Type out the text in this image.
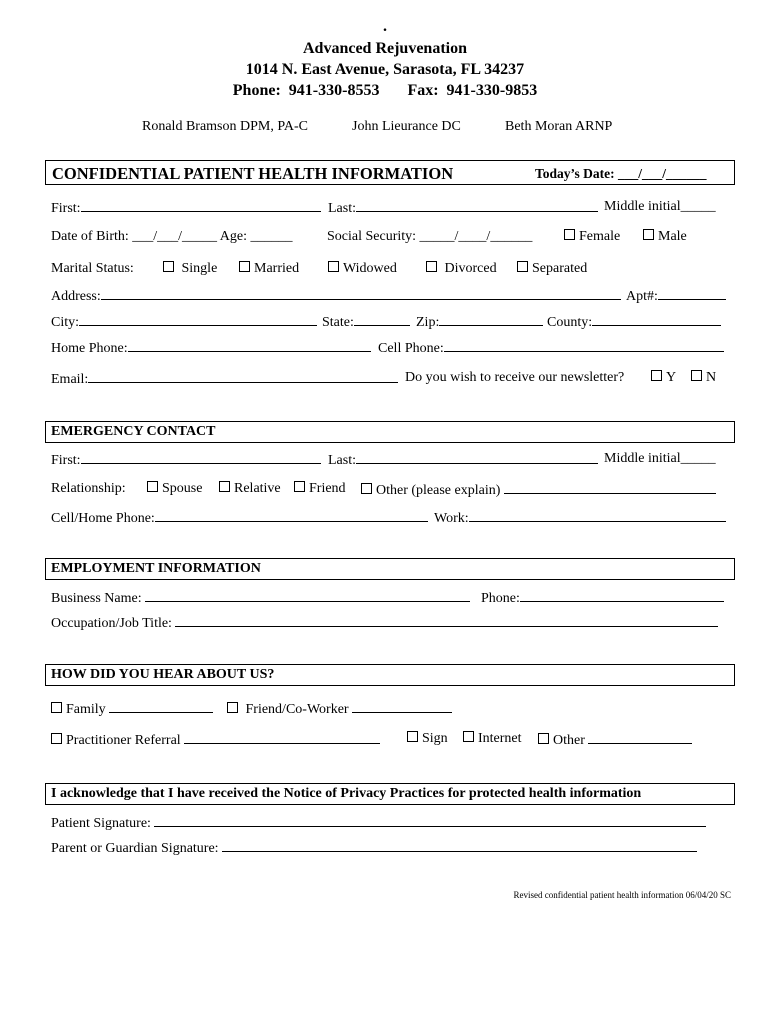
.
Advanced Rejuvenation
1014 N. East Avenue, Sarasota, FL 34237
Phone:  941-330-8553       Fax:  941-330-9853
Ronald Bramson DPM, PA-C	John Lieurance DC	Beth Moran ARNP
CONFIDENTIAL PATIENT HEALTH INFORMATION	Today’s Date: ___/___/______
First:	Last:	Middle initial_____
Date of Birth: ___/___/_____ Age: ______ Social Security: _____/____/______	Female	Male
Marital Status:	Single	Married	Widowed	Divorced	Separated
Address:	Apt#:
City:	State:	Zip:	County:
Home Phone:	Cell Phone:
Email:	Do you wish to receive our newsletter?	Y	N
EMERGENCY CONTACT
First:	Last:	Middle initial_____
Relationship:	Spouse	Relative	Friend	Other (please explain)
Cell/Home Phone:	Work:
EMPLOYMENT INFORMATION
Business Name:	Phone:
Occupation/Job Title:
HOW DID YOU HEAR ABOUT US?
Family	Friend/Co-Worker
Practitioner Referral	Sign	Internet	Other
I acknowledge that I have received the Notice of Privacy Practices for protected health information
Patient Signature:
Parent or Guardian Signature:
Revised confidential patient health information 06/04/20 SC
